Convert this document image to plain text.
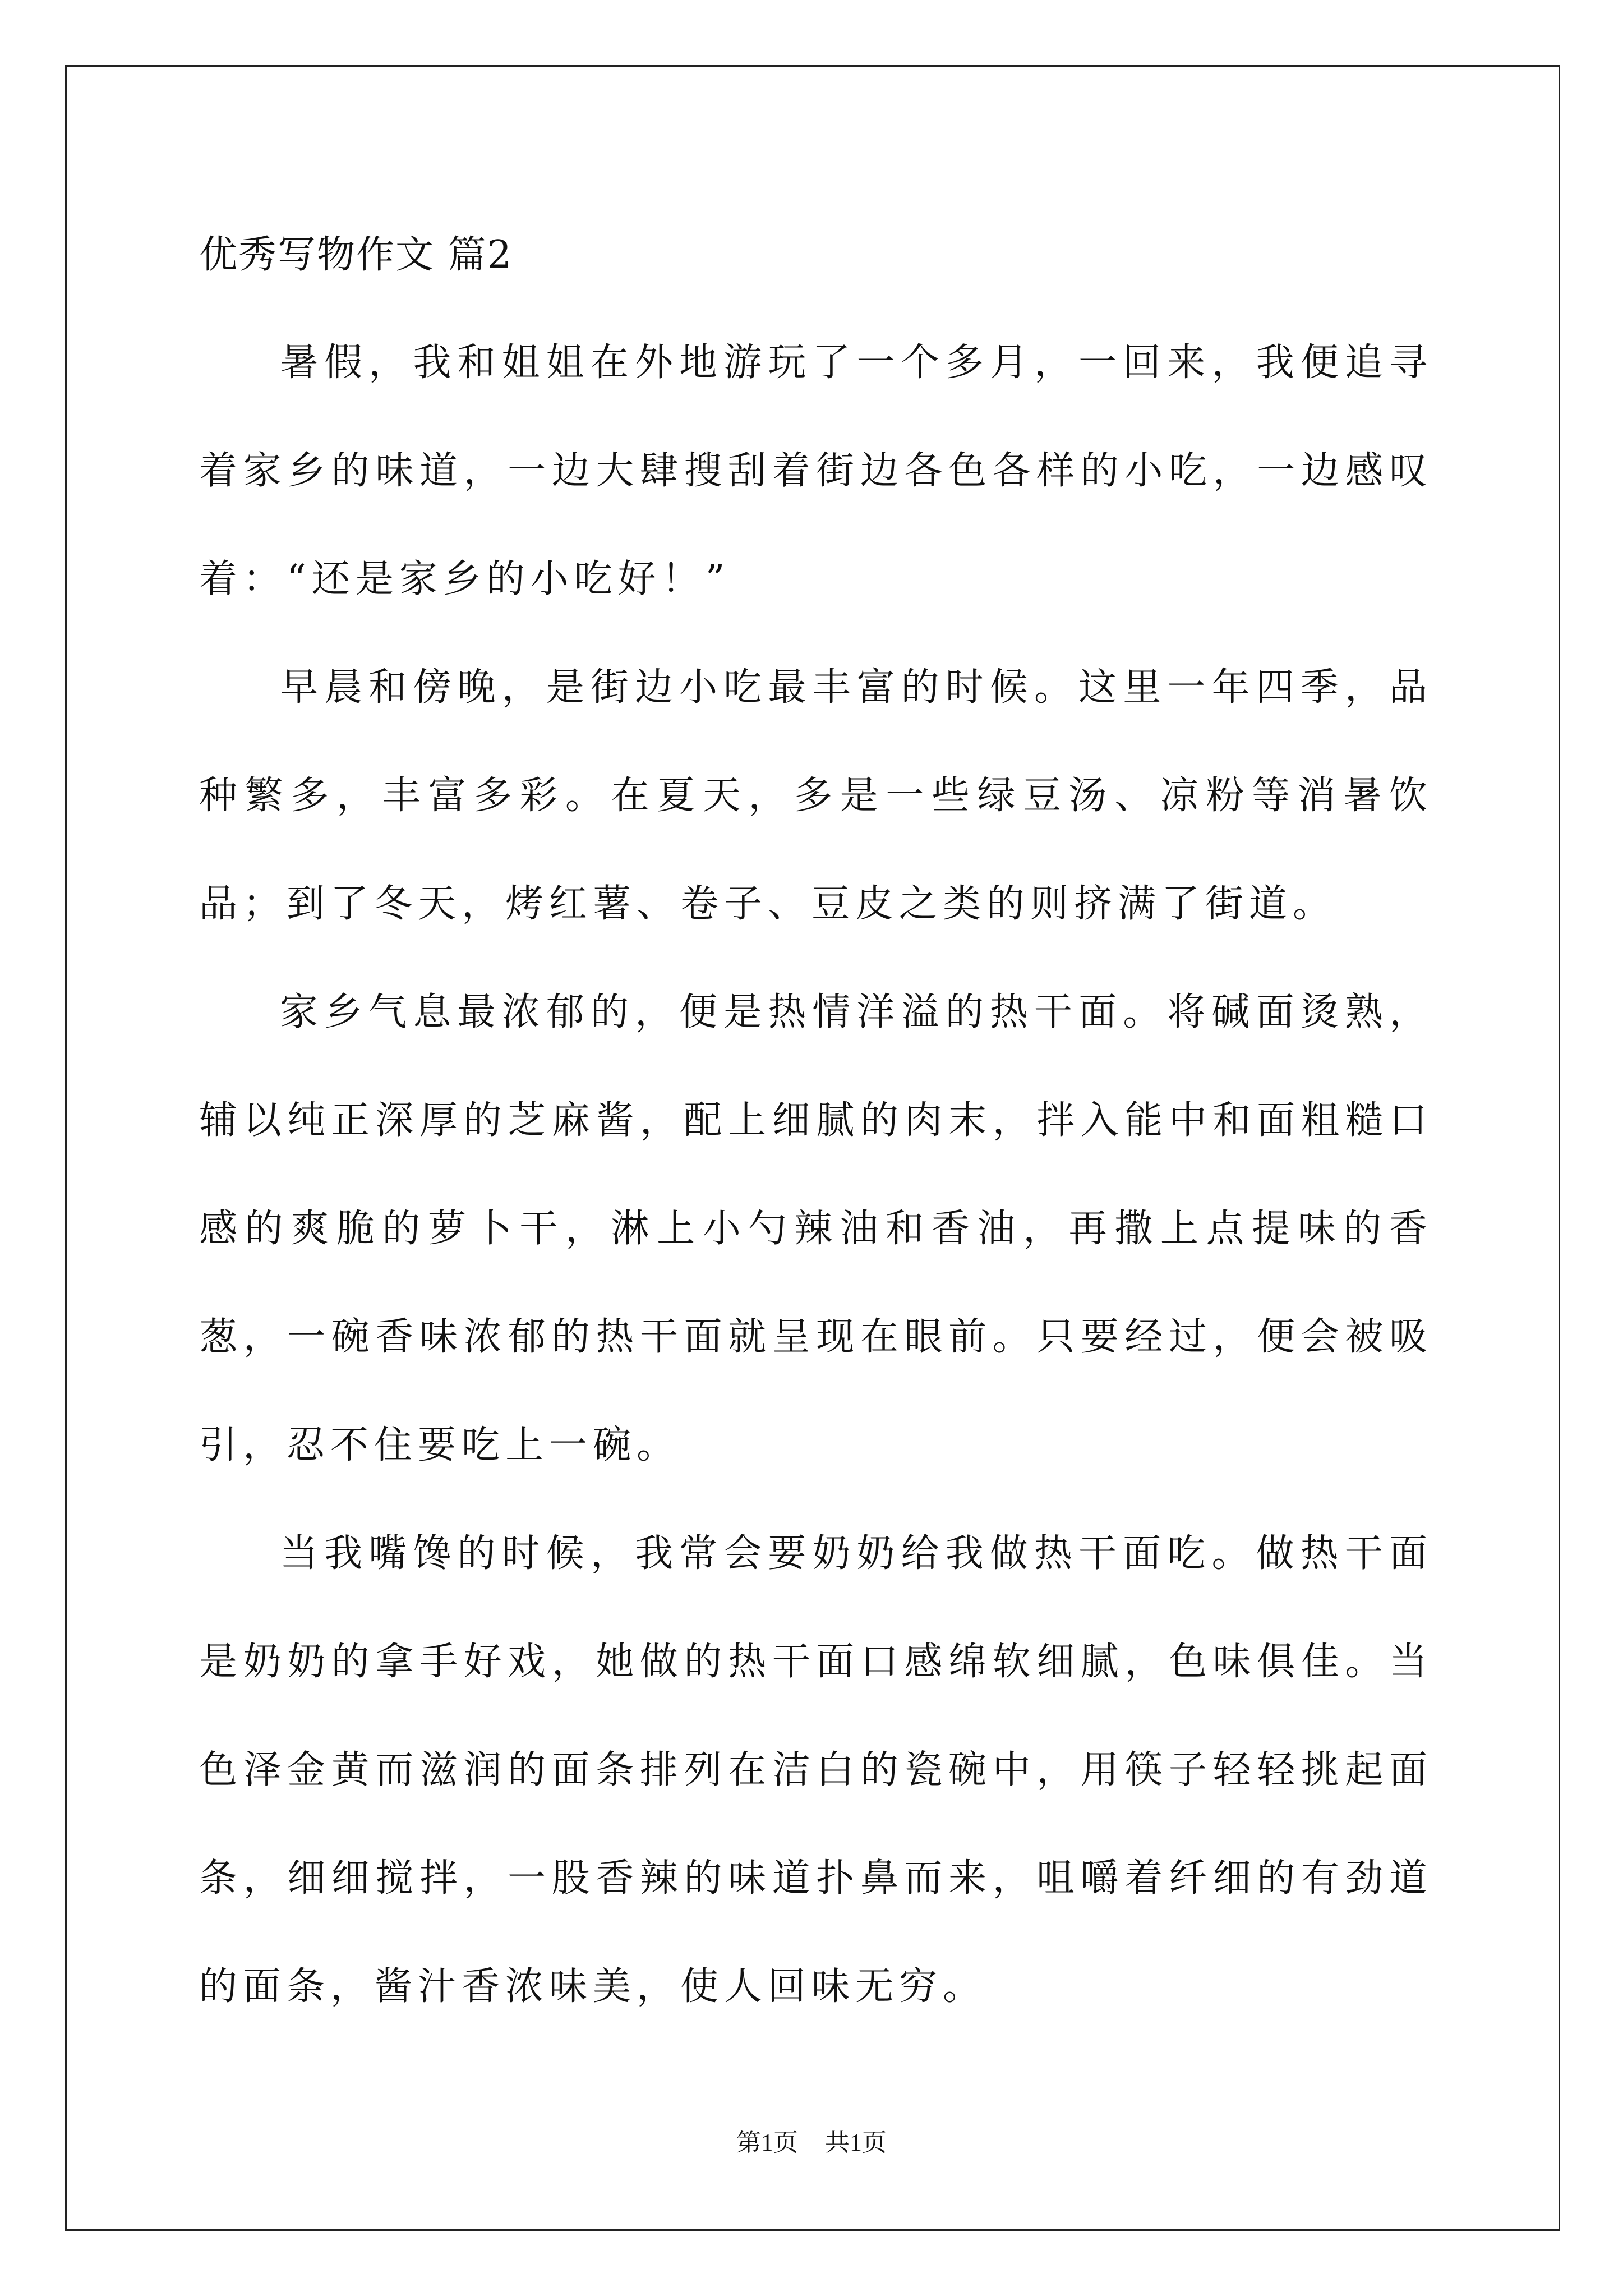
优秀写物作文 篇2

暑假，我和姐姐在外地游玩了一个多月，一回来，我便追寻着家乡的味道，一边大肆搜刮着街边各色各样的小吃，一边感叹着：“还是家乡的小吃好！”

早晨和傍晚，是街边小吃最丰富的时候。这里一年四季，品种繁多，丰富多彩。在夏天，多是一些绿豆汤、凉粉等消暑饮品；到了冬天，烤红薯、卷子、豆皮之类的则挤满了街道。

家乡气息最浓郁的，便是热情洋溢的热干面。将碱面烫熟，辅以纯正深厚的芝麻酱，配上细腻的肉末，拌入能中和面粗糙口感的爽脆的萝卜干，淋上小勺辣油和香油，再撒上点提味的香葱，一碗香味浓郁的热干面就呈现在眼前。只要经过，便会被吸引，忍不住要吃上一碗。

当我嘴馋的时候，我常会要奶奶给我做热干面吃。做热干面是奶奶的拿手好戏，她做的热干面口感绵软细腻，色味俱佳。当色泽金黄而滋润的面条排列在洁白的瓷碗中，用筷子轻轻挑起面条，细细搅拌，一股香辣的味道扑鼻而来，咀嚼着纤细的有劲道的面条，酱汁香浓味美，使人回味无穷。

第1页 共1页
